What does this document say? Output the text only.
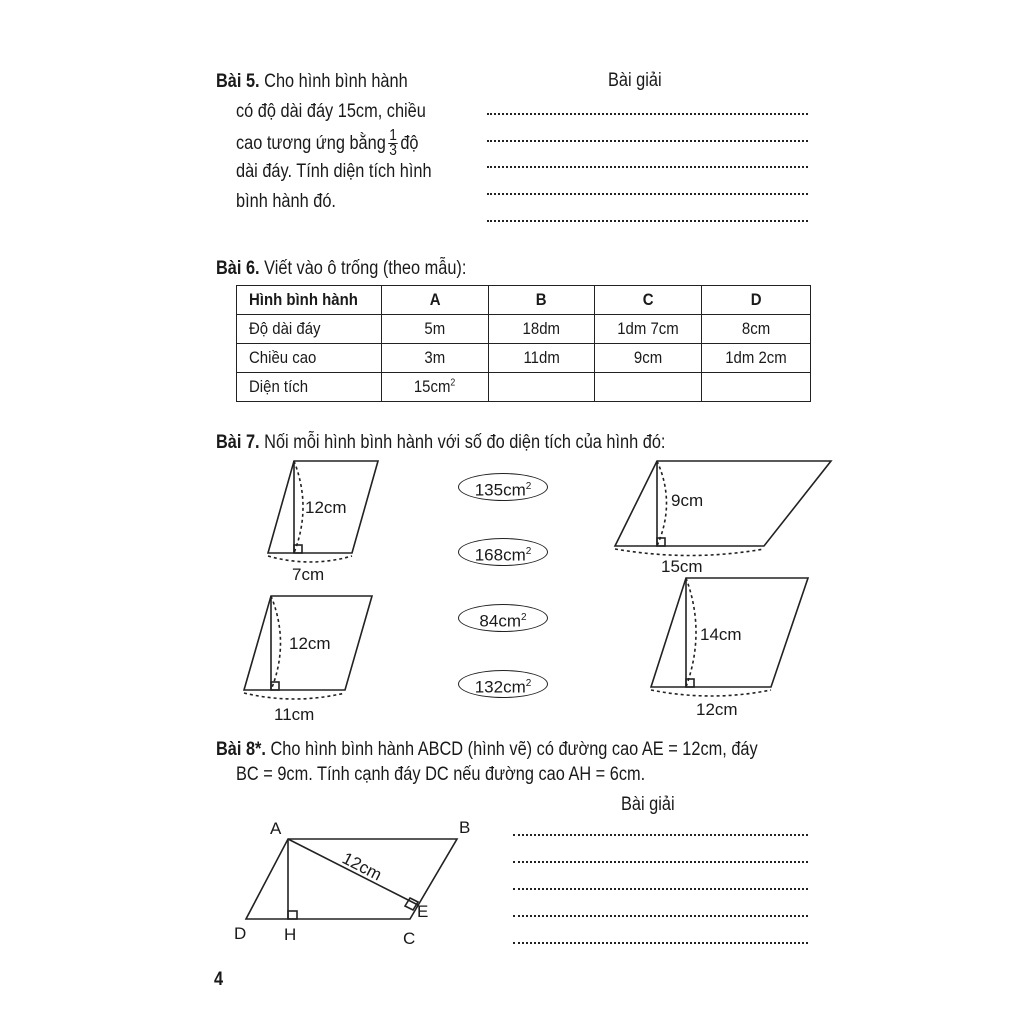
Bài 5. Cho hình bình hành
có độ dài đáy 15cm, chiều
cao tương ứng bằng $\frac{1}{3}$ độ
dài đáy. Tính diện tích hình
bình hành đó.
Bài giải
Bài 6. Viết vào ô trống (theo mẫu):
Hình bình hành	A	B	C	D
Độ dài đáy	5m	18dm	1dm 7cm	8cm
Chiều cao	3m	11dm	9cm	1dm 2cm
Diện tích	$15cm^2$			
Bài 7. Nối mỗi hình bình hành với số đo diện tích của hình đó:
12cm
7cm
9cm
15cm
12cm
11cm
14cm
12cm
$135cm^2$
$168cm^2$
$84cm^2$
$132cm^2$
Bài 8*. Cho hình bình hành ABCD (hình vẽ) có đường cao AE = 12cm, đáy
BC = 9cm. Tính cạnh đáy DC nếu đường cao AH = 6cm.
Bài giải
A	B
C
D
E
H
12cm
4
